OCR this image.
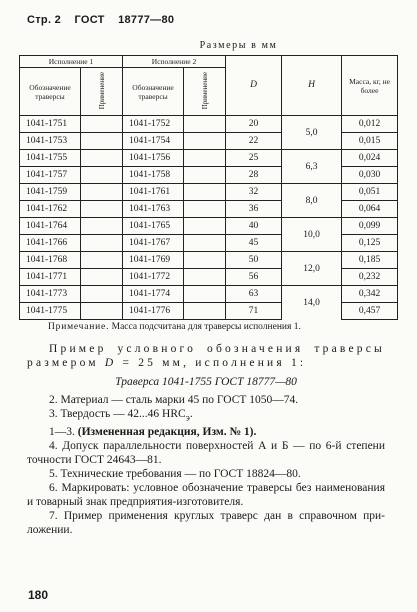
Стр. 2 ГОСТ 18777—80
Размеры в мм
Исполнение 1		Исполнение 2		D	H	Масса, кг, не более
Обозначение траверсы	Применение	Обозначение траверсы	Применение			
1041-1751		1041-1752		20	5,0	0,012
1041-1753		1041-1754		22		0,015
1041-1755		1041-1756		25	6,3	0,024
1041-1757		1041-1758		28		0,030
1041-1759		1041-1761		32	8,0	0,051
1041-1762		1041-1763		36		0,064
1041-1764		1041-1765		40	10,0	0,099
1041-1766		1041-1767		45		0,125
1041-1768		1041-1769		50	12,0	0,185
1041-1771		1041-1772		56		0,232
1041-1773		1041-1774		63	14,0	0,342
1041-1775		1041-1776		71		0,457
Примечание. Масса подсчитана для траверсы исполнения 1.

Пример условного обозначения траверсы размером D = 25 мм, исполнения 1:

Траверса 1041-1755 ГОСТ 18777—80

2. Материал — сталь марки 45 по ГОСТ 1050—74.

3. Твердость — 42...46 $HRC_э$.

1—3. (Измененная редакция, Изм. № 1).

4. Допуск параллельности поверхностей А и Б — по 6-й степени точности ГОСТ 24643—81.

5. Технические требования — по ГОСТ 18824—80.

6. Маркировать: условное обозначение траверсы без наименования и товарный знак предприятия-изготовителя.

7. Пример применения круглых траверс дан в справочном приложении.

180
